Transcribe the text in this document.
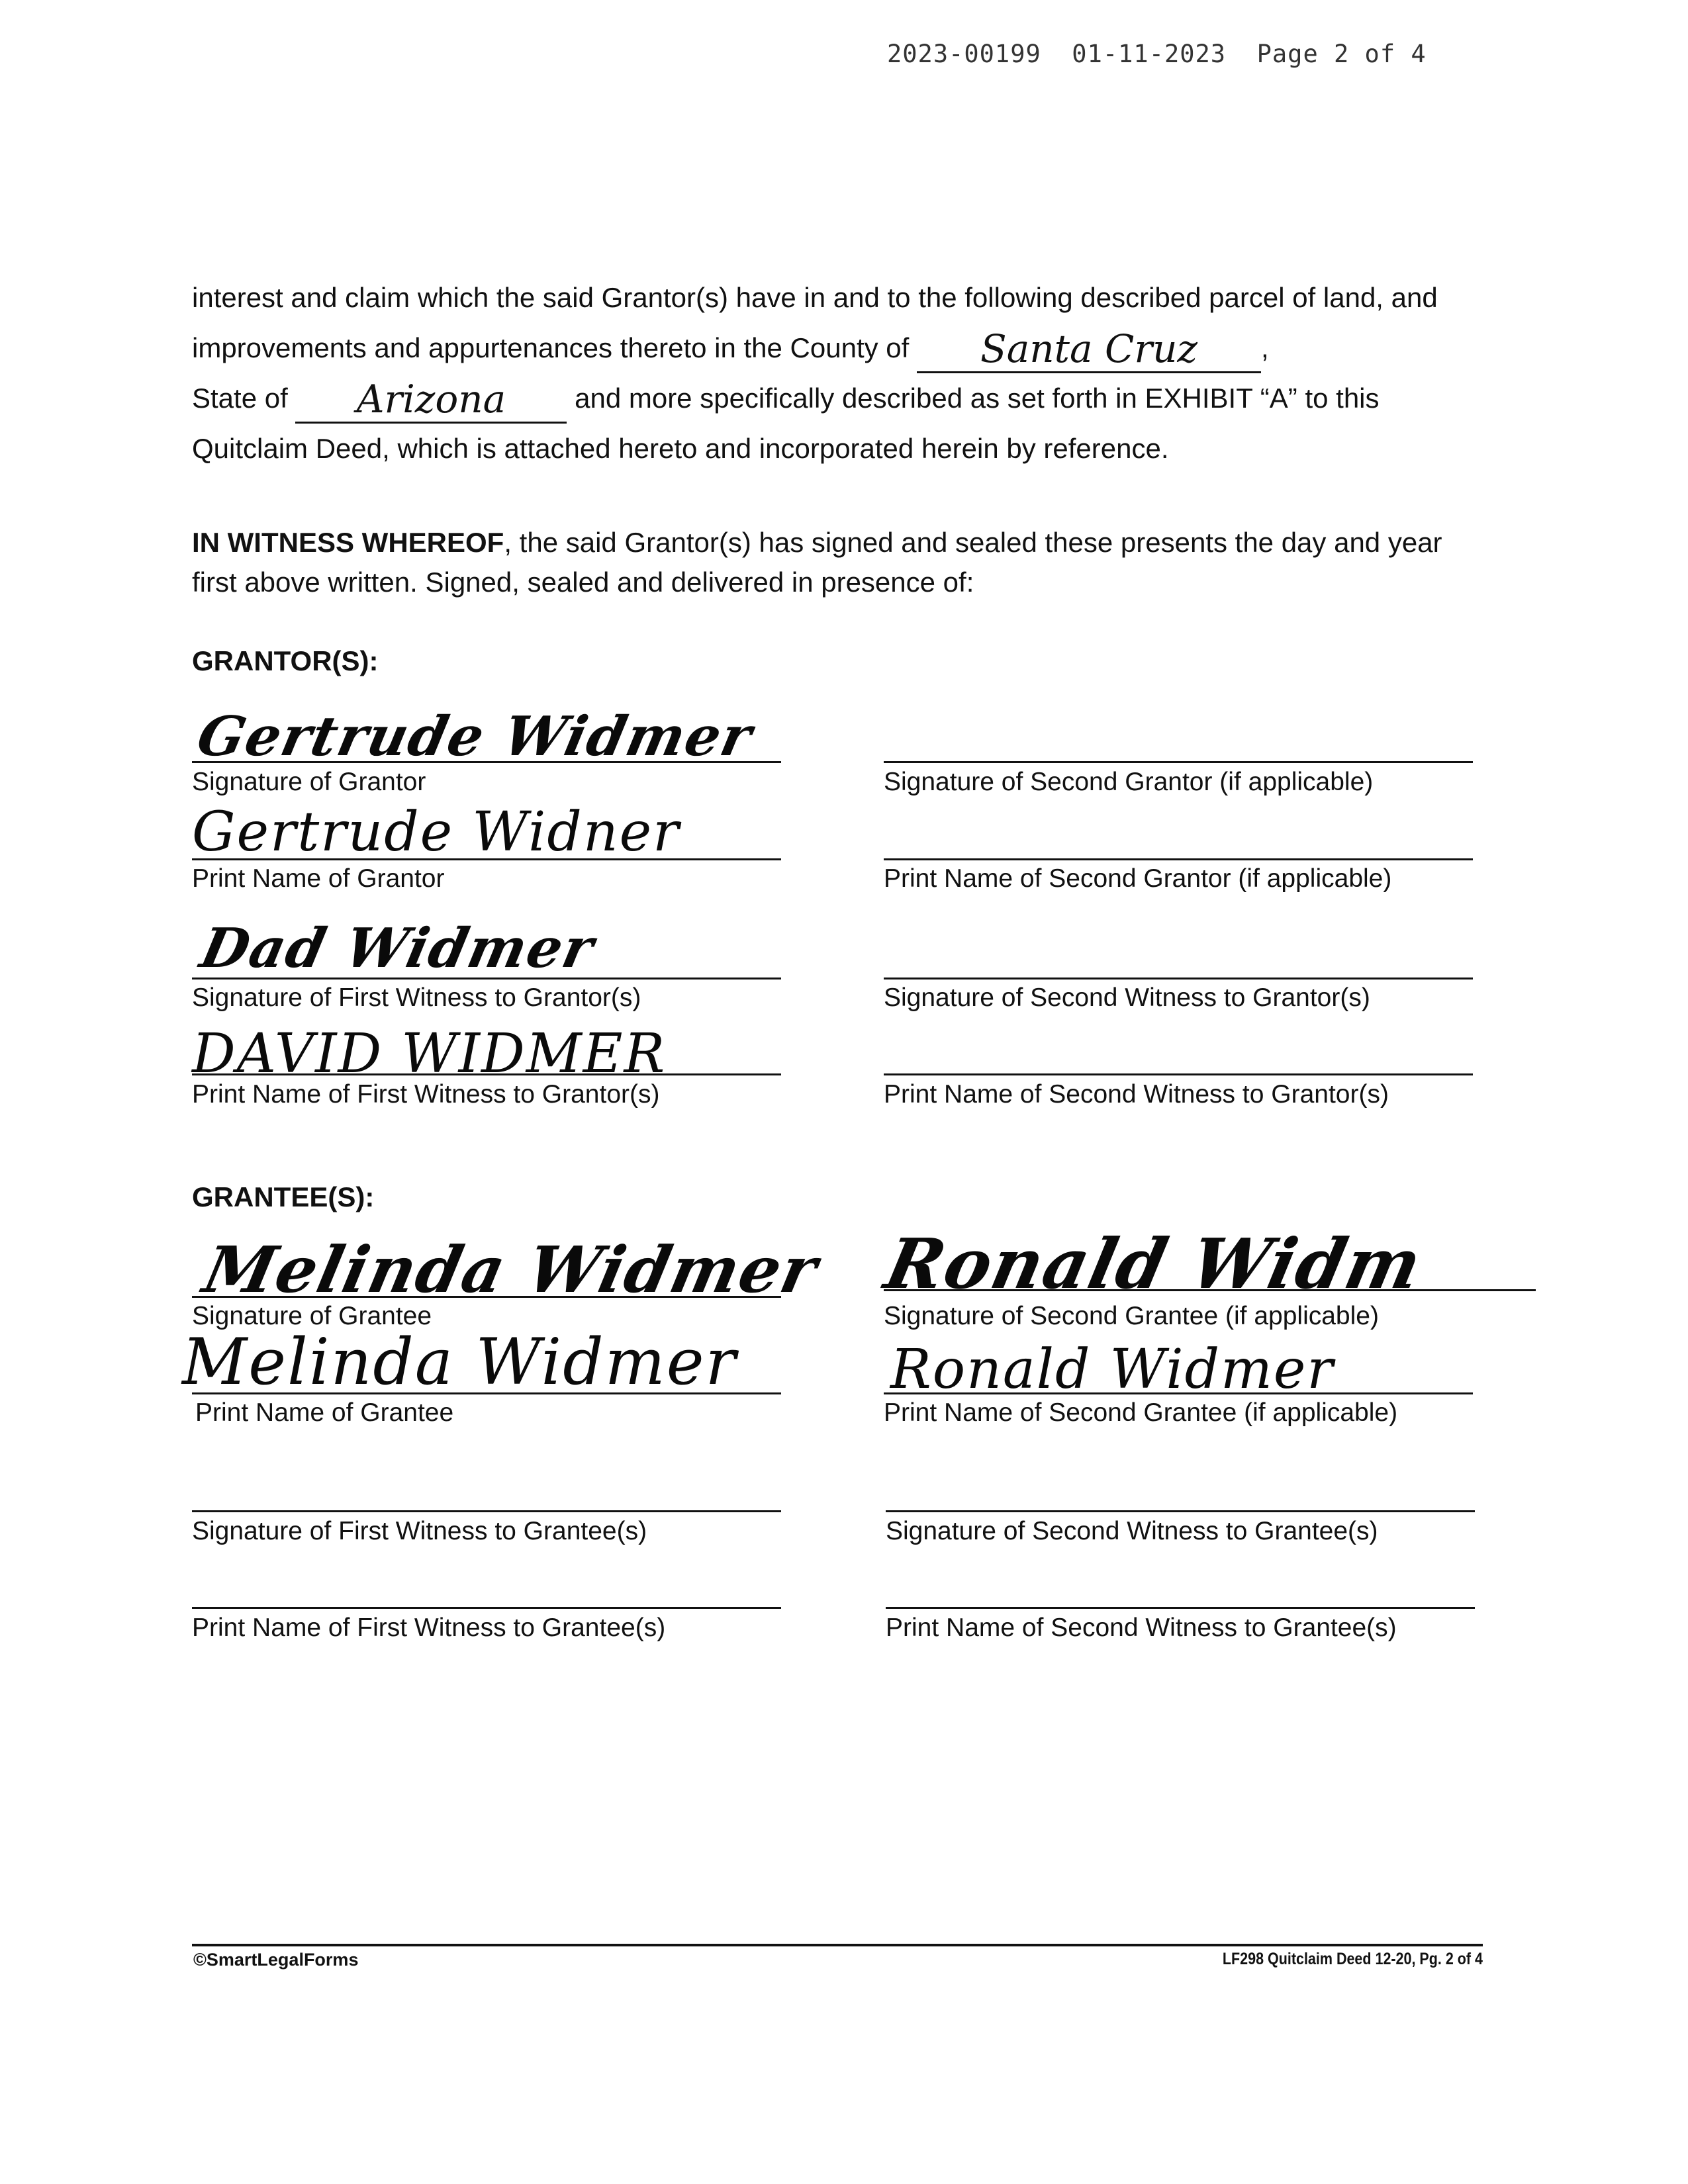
2023-00199  01-11-2023  Page 2 of 4
interest and claim which the said Grantor(s) have in and to the following described parcel of land, and improvements and appurtenances thereto in the County of Santa Cruz ,
State of Arizona and more specifically described as set forth in EXHIBIT “A” to this Quitclaim Deed, which is attached hereto and incorporated herein by reference.
IN WITNESS WHEREOF, the said Grantor(s) has signed and sealed these presents the day and year first above written. Signed, sealed and delivered in presence of:
GRANTOR(S):
Gertrude Widmer
Signature of Grantor
Gertrude Widner
Print Name of Grantor
Dad Widmer
Signature of First Witness to Grantor(s)
DAVID WIDMER
Print Name of First Witness to Grantor(s)
Signature of Second Grantor (if applicable)
Print Name of Second Grantor (if applicable)
Signature of Second Witness to Grantor(s)
Print Name of Second Witness to Grantor(s)
GRANTEE(S):
Melinda Widmer
Signature of Grantee
Melinda Widmer
Print Name of Grantee
Signature of First Witness to Grantee(s)
Print Name of First Witness to Grantee(s)
Ronald Widm
Signature of Second Grantee (if applicable)
Ronald Widmer
Print Name of Second Grantee (if applicable)
Signature of Second Witness to Grantee(s)
Print Name of Second Witness to Grantee(s)
©SmartLegalForms	LF298 Quitclaim Deed 12-20, Pg. 2 of 4
